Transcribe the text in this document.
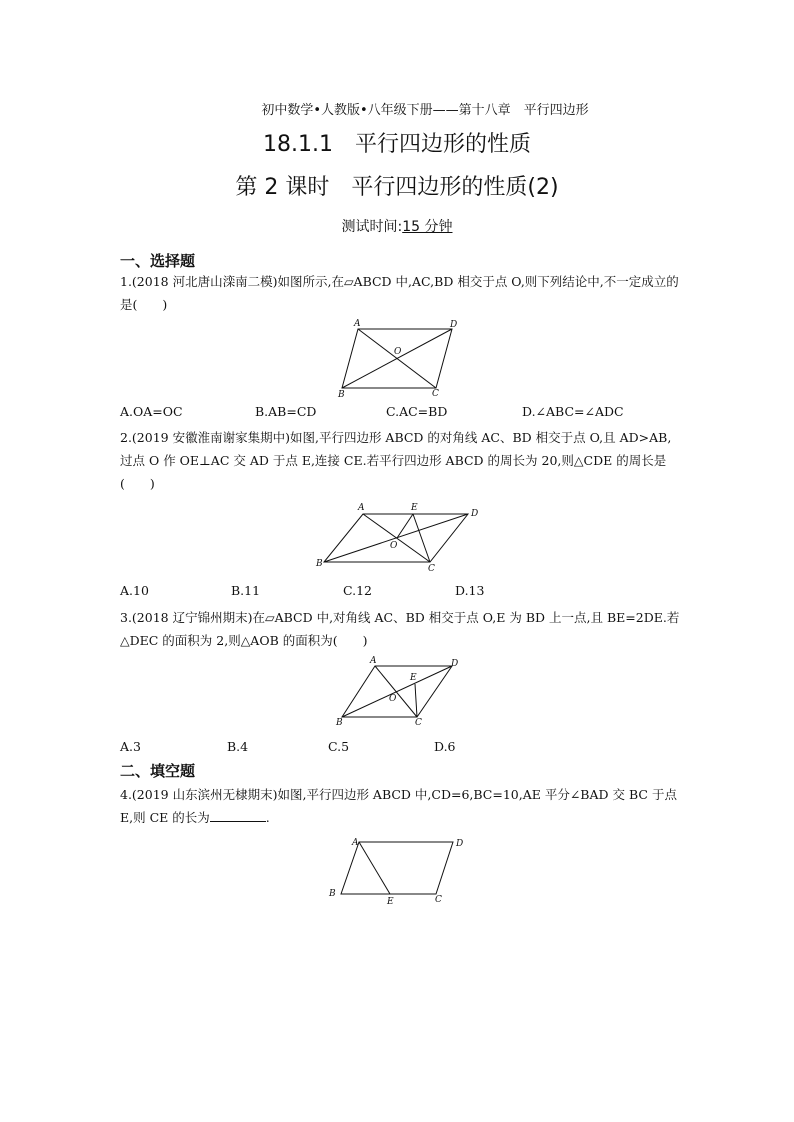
初中数学•人教版•八年级下册——第十八章　平行四边形
18.1.1　平行四边形的性质
第 2 课时　平行四边形的性质(2)
测试时间:15 分钟
一、选择题
1.(2018 河北唐山滦南二模)如图所示,在▱ABCD 中,AC,BD 相交于点 O,则下列结论中,不一定成立的是(　　)
A	D
O
B	C
A.OA=OC	B.AB=CD	C.AC=BD	D.∠ABC=∠ADC
2.(2019 安徽淮南谢家集期中)如图,平行四边形 ABCD 的对角线 AC、BD 相交于点 O,且 AD>AB,过点 O 作 OE⊥AC 交 AD 于点 E,连接 CE.若平行四边形 ABCD 的周长为 20,则△CDE 的周长是(　　)
A	E
D
O
B	C
A.10	B.11	C.12	D.13
3.(2018 辽宁锦州期末)在▱ABCD 中,对角线 AC、BD 相交于点 O,E 为 BD 上一点,且 BE=2DE.若△DEC 的面积为 2,则△AOB 的面积为(　　)
A	D
E
O
B	C
A.3	B.4	C.5	D.6
二、填空题
4.(2019 山东滨州无棣期末)如图,平行四边形 ABCD 中,CD=6,BC=10,AE 平分∠BAD 交 BC 于点 E,则 CE 的长为	.
A	D
B
E	C
